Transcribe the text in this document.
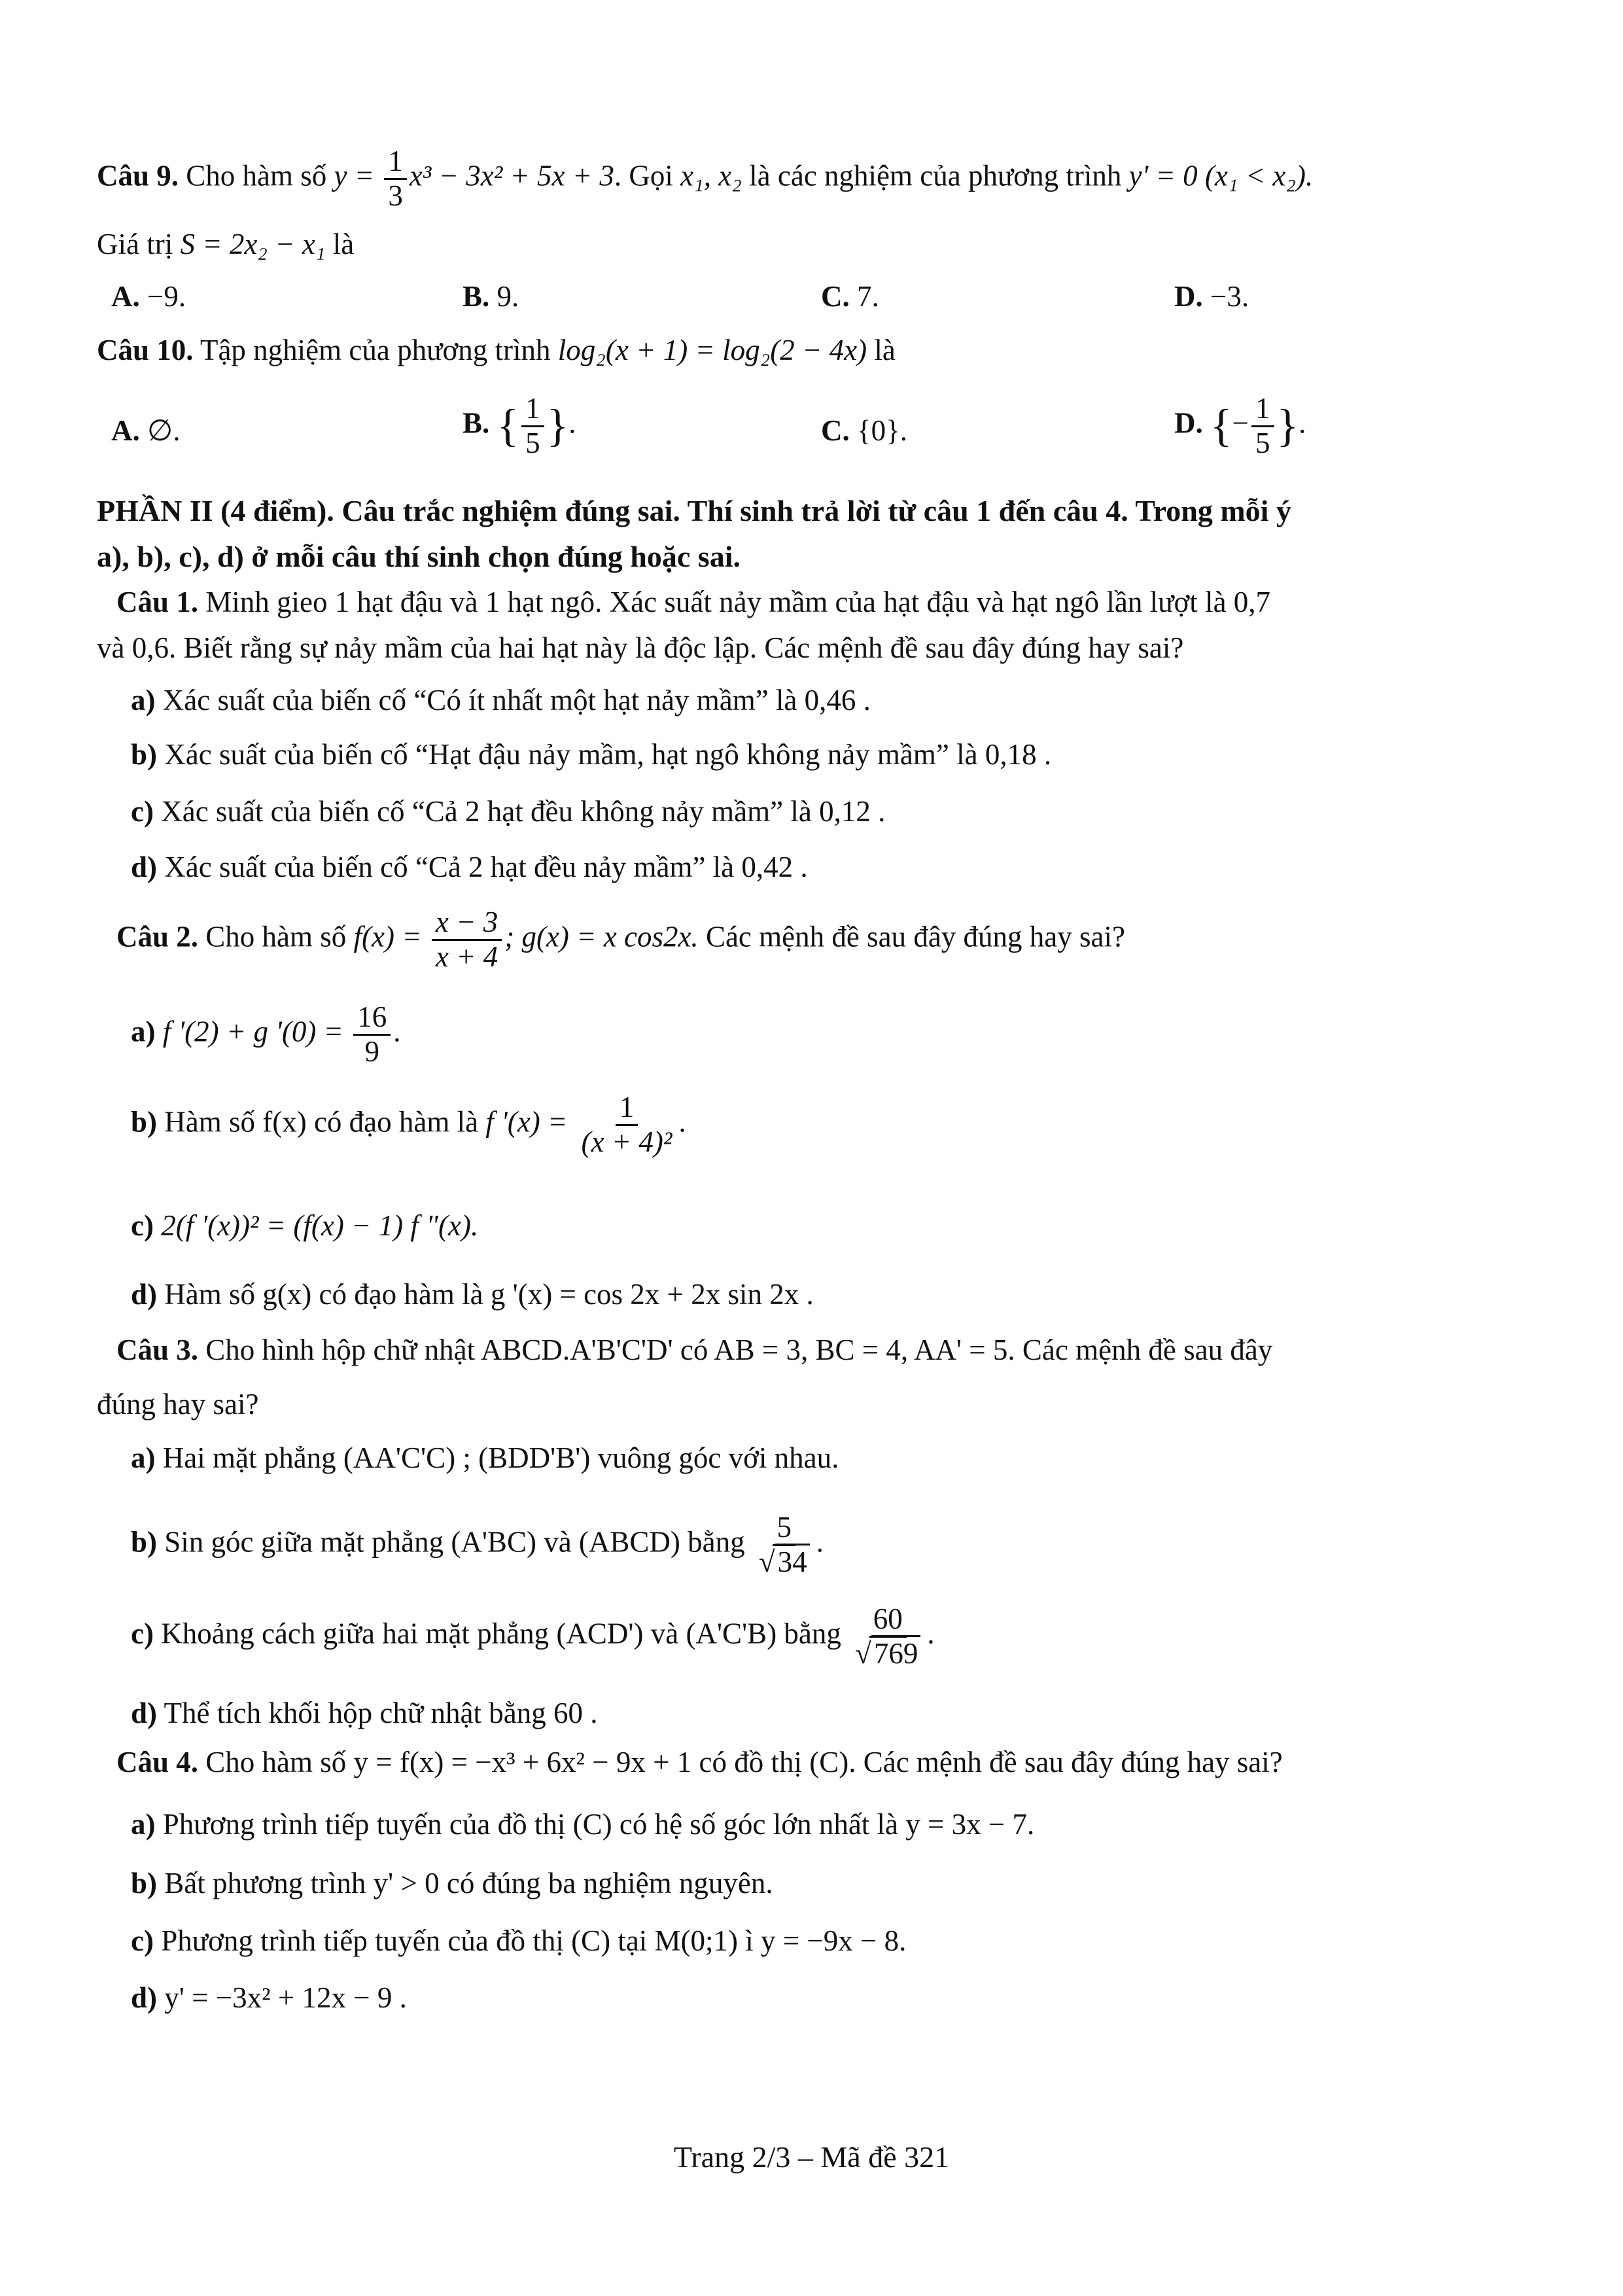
Câu 9. Cho hàm số $y = \frac{1}{3} x^3 - 3x^2 + 5x + 3$. Gọi x₁, x₂ là các nghiệm của phương trình y' = 0 (x₁ < x₂).
Giá trị S = 2x₂ − x₁ là
A. −9.	B. 9.	C. 7.	D. −3.
Câu 10. Tập nghiệm của phương trình log₂(x + 1) = log₂(2 − 4x) là
A. ∅.	B. { $\frac{1}{5}$ }.	C. {0}.	D. {− $\frac{1}{5}$ }.
PHẦN II (4 điểm). Câu trắc nghiệm đúng sai. Thí sinh trả lời từ câu 1 đến câu 4. Trong mỗi ý
a), b), c), d) ở mỗi câu thí sinh chọn đúng hoặc sai.
Câu 1. Minh gieo 1 hạt đậu và 1 hạt ngô. Xác suất nảy mầm của hạt đậu và hạt ngô lần lượt là 0,7
và 0,6. Biết rằng sự nảy mầm của hai hạt này là độc lập. Các mệnh đề sau đây đúng hay sai?
a) Xác suất của biến cố “Có ít nhất một hạt nảy mầm” là 0,46 .
b) Xác suất của biến cố “Hạt đậu nảy mầm, hạt ngô không nảy mầm” là 0,18 .
c) Xác suất của biến cố “Cả 2 hạt đều không nảy mầm” là 0,12 .
d) Xác suất của biến cố “Cả 2 hạt đều nảy mầm” là 0,42 .
Câu 2. Cho hàm số $f(x) = \frac{x - 3}{x + 4}$ ; g(x) = x cos2x. Các mệnh đề sau đây đúng hay sai?
a) f '(2) + g '$(0) = \frac{16}{9}$ .
b) Hàm số f(x) có đạo hàm là f '$(x) = \frac{1}{\text{(x + 4)²}}$ .
c) 2(f '(x))² = (f(x) − 1) f "(x).
d) Hàm số g(x) có đạo hàm là g '(x) = cos 2x + 2x sin 2x .
Câu 3. Cho hình hộp chữ nhật ABCD.A'B'C'D' có AB = 3, BC = 4, AA' = 5. Các mệnh đề sau đây
đúng hay sai?
a) Hai mặt phẳng (AA'C'C) ; (BDD'B') vuông góc với nhau.
b) Sin góc giữa mặt phẳng (A'BC) và (ABCD) bằng $\frac{5}{√34}$ .
c) Khoảng cách giữa hai mặt phẳng (ACD') và (A'C'B) bằng $\frac{60}{√769}$ .
d) Thể tích khối hộp chữ nhật bằng 60 .
Câu 4. Cho hàm số y = f(x) = −x³ + 6x² − 9x + 1 có đồ thị (C). Các mệnh đề sau đây đúng hay sai?
a) Phương trình tiếp tuyến của đồ thị (C) có hệ số góc lớn nhất là y = 3x − 7.
b) Bất phương trình y' > 0 có đúng ba nghiệm nguyên.
c) Phương trình tiếp tuyến của đồ thị (C) tại M(0;1) ì y = −9x − 8.
d) y' = −3x² + 12x − 9 .
Trang 2/3 – Mã đề 321
